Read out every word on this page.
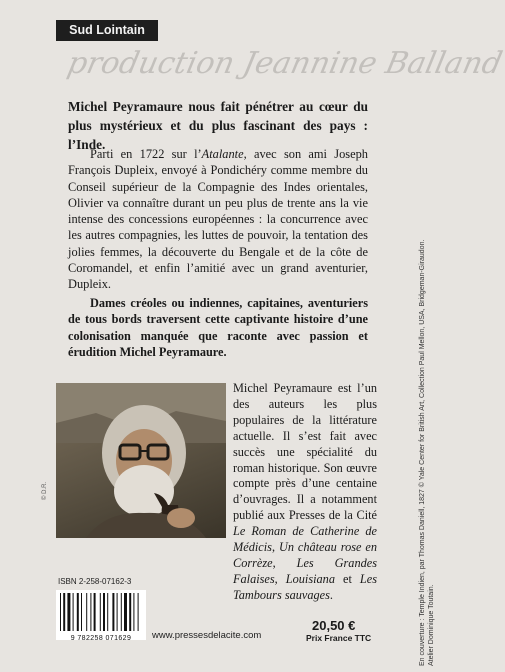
Sud Lointain
production Jeannine Balland
Michel Peyramaure nous fait pénétrer au cœur du plus mystérieux et du plus fascinant des pays : l’Inde.
Parti en 1722 sur l’Atalante, avec son ami Joseph François Dupleix, envoyé à Pondichéry comme membre du Conseil supérieur de la Compagnie des Indes orientales, Olivier va connaître durant un peu plus de trente ans la vie intense des concessions européennes : la concurrence avec les autres compagnies, les luttes de pouvoir, la tentation des jolies femmes, la découverte du Bengale et de la côte de Coromandel, et enfin l’amitié avec un grand aventurier, Dupleix.
Dames créoles ou indiennes, capitaines, aventuriers de tous bords traversent cette captivante histoire d’une colonisation manquée que raconte avec passion et érudition Michel Peyramaure.
© D.R.
Michel Peyramaure est l’un des auteurs les plus populaires de la littérature actuelle. Il s’est fait avec succès une spécialité du roman historique. Son œuvre compte près d’une centaine d’ouvrages. Il a notamment publié aux Presses de la Cité Le Roman de Catherine de Médicis, Un château rose en Corrèze, Les Grandes Falaises, Louisiana et Les Tambours sauvages.
ISBN 2-258-07162-3
9 782258 071629	www.pressesdelacite.com
20,50 €
Prix France TTC	En couverture : Temple Indien, par Thomas Daniell, 1827 © Yale Center for British Art, Collection Paul Mellon, USA, Bridgeman-Giraudon. Atelier Dominique Toutain.
